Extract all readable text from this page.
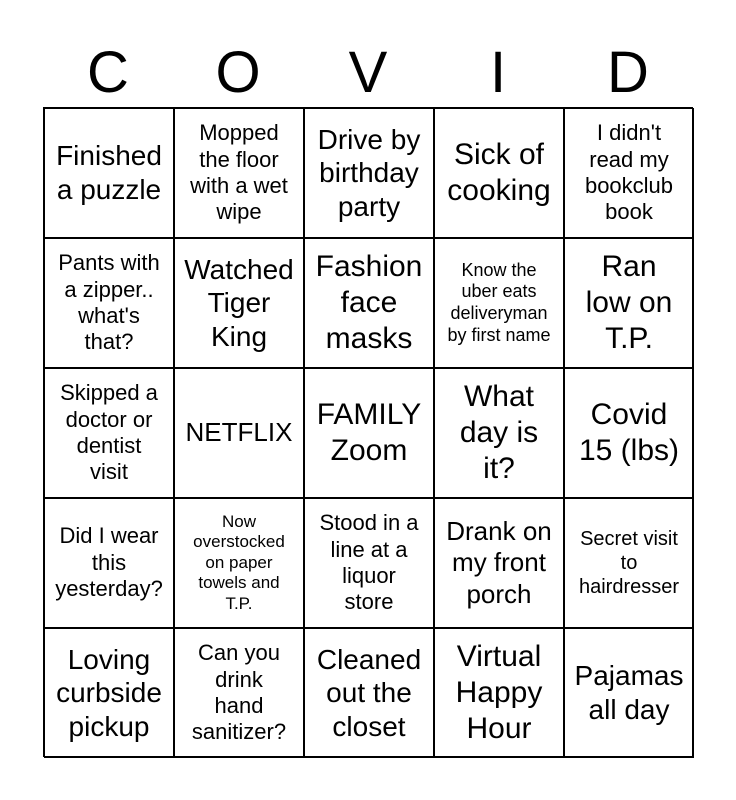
C	O	V	I	D
Finished
a puzzle
Mopped
the floor
with a wet
wipe
Drive by
birthday
party
Sick of
cooking
I didn't
read my
bookclub
book
Pants with
a zipper..
what's
that?
Watched
Tiger
King
Fashion
face
masks
Know the
uber eats
deliveryman
by first name
Ran
low on
T.P.
Skipped a
doctor or
dentist
visit
NETFLIX
FAMILY
Zoom
What
day is
it?
Covid
15 (lbs)
Did I wear
this
yesterday?
Now
overstocked
on paper
towels and
T.P.
Stood in a
line at a
liquor
store
Drank on
my front
porch
Secret visit
to
hairdresser
Loving
curbside
pickup
Can you
drink
hand
sanitizer?
Cleaned
out the
closet
Virtual
Happy
Hour
Pajamas
all day
